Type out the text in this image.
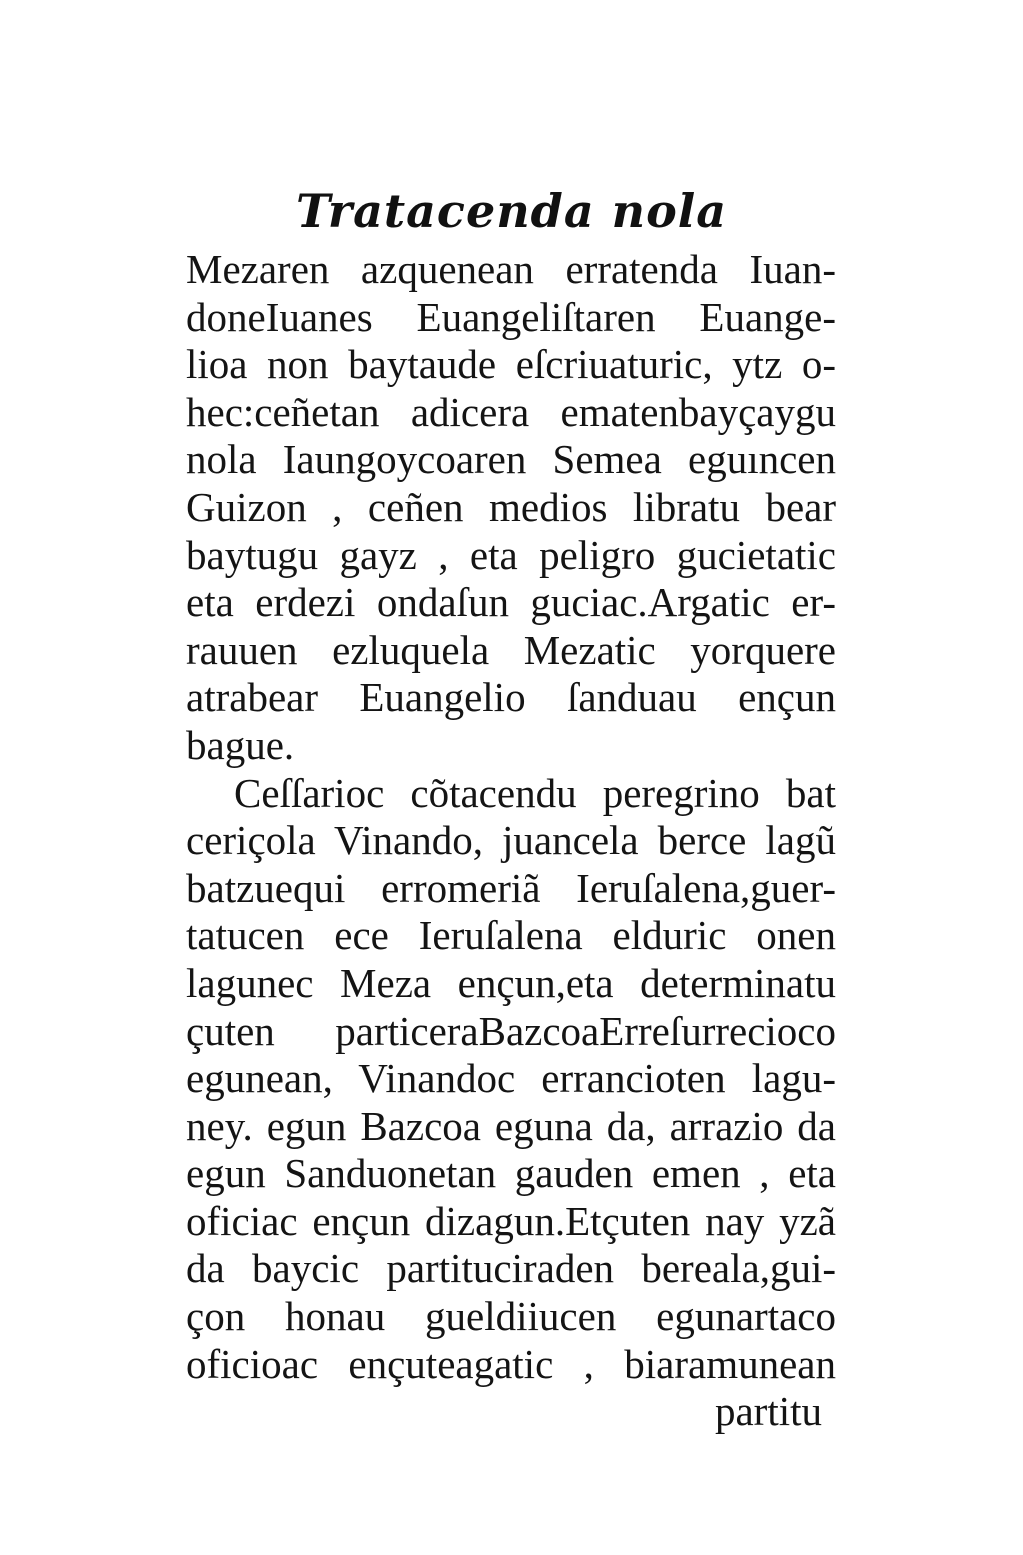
Tratacenda nola
Mezaren azquenean erratenda Iuan-
doneIuanes Euangeliſtaren Euange-
lioa non baytaude eſcriuaturic, ytz o-
hec:ceñetan adicera ematenbayçaygu
nola Iaungoycoaren Semea eguıncen
Guizon , ceñen medios libratu bear
baytugu gayz , eta peligro gucietatic
eta erdezi ondaſun guciac.Argatic er-
rauuen ezluquela Mezatic yorquere
atrabear Euangelio ſanduau ençun
bague.
Ceſſarioc cõtacendu peregrino bat
ceriçola Vinando, juancela berce lagũ
batzuequi erromeriã Ieruſalena,guer-
tatucen ece Ieruſalena elduric onen
lagunec Meza ençun,eta determinatu
çuten particeraBazcoaErreſurrecioco
egunean, Vinandoc errancioten lagu-
ney. egun Bazcoa eguna da, arrazio da
egun Sanduonetan gauden emen , eta
oficiac ençun dizagun.Etçuten nay yzã
da baycic partituciraden bereala,gui-
çon honau gueldiiucen egunartaco
oficioac ençuteagatic , biaramunean
partitu
